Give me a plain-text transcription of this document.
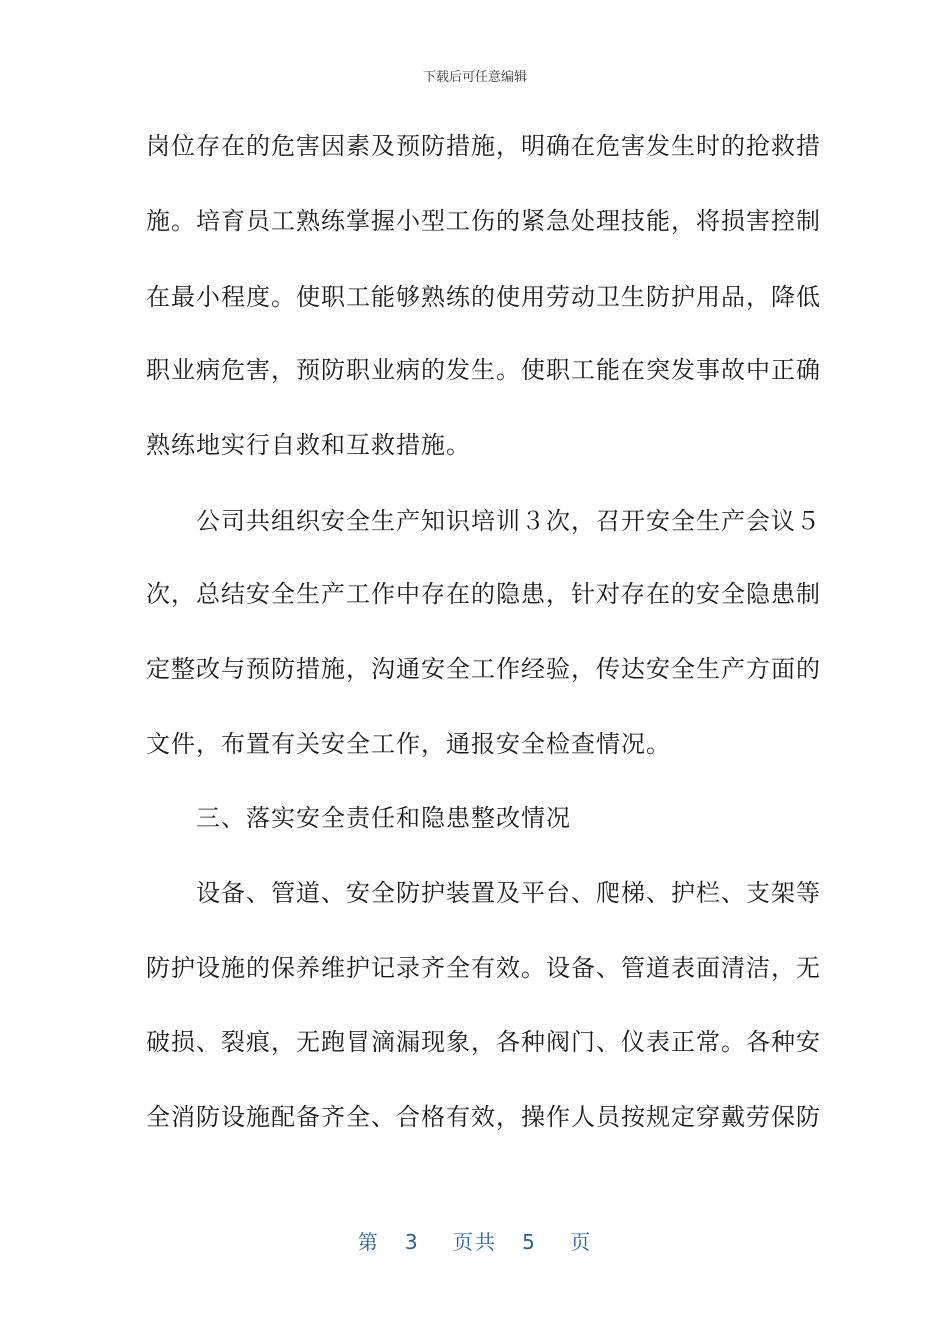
下载后可任意编辑
岗位存在的危害因素及预防措施，明确在危害发生时的抢救措
施。培育员工熟练掌握小型工伤的紧急处理技能，将损害控制
在最小程度。使职工能够熟练的使用劳动卫生防护用品，降低
职业病危害，预防职业病的发生。使职工能在突发事故中正确
熟练地实行自救和互救措施。
　　公司共组织安全生产知识培训３次，召开安全生产会议５
次，总结安全生产工作中存在的隐患，针对存在的安全隐患制
定整改与预防措施，沟通安全工作经验，传达安全生产方面的
文件，布置有关安全工作，通报安全检查情况。
　　三、落实安全责任和隐患整改情况
　　设备、管道、安全防护装置及平台、爬梯、护栏、支架等
防护设施的保养维护记录齐全有效。设备、管道表面清洁，无
破损、裂痕，无跑冒滴漏现象，各种阀门、仪表正常。各种安
全消防设施配备齐全、合格有效，操作人员按规定穿戴劳保防
第 3 页共 5 页
